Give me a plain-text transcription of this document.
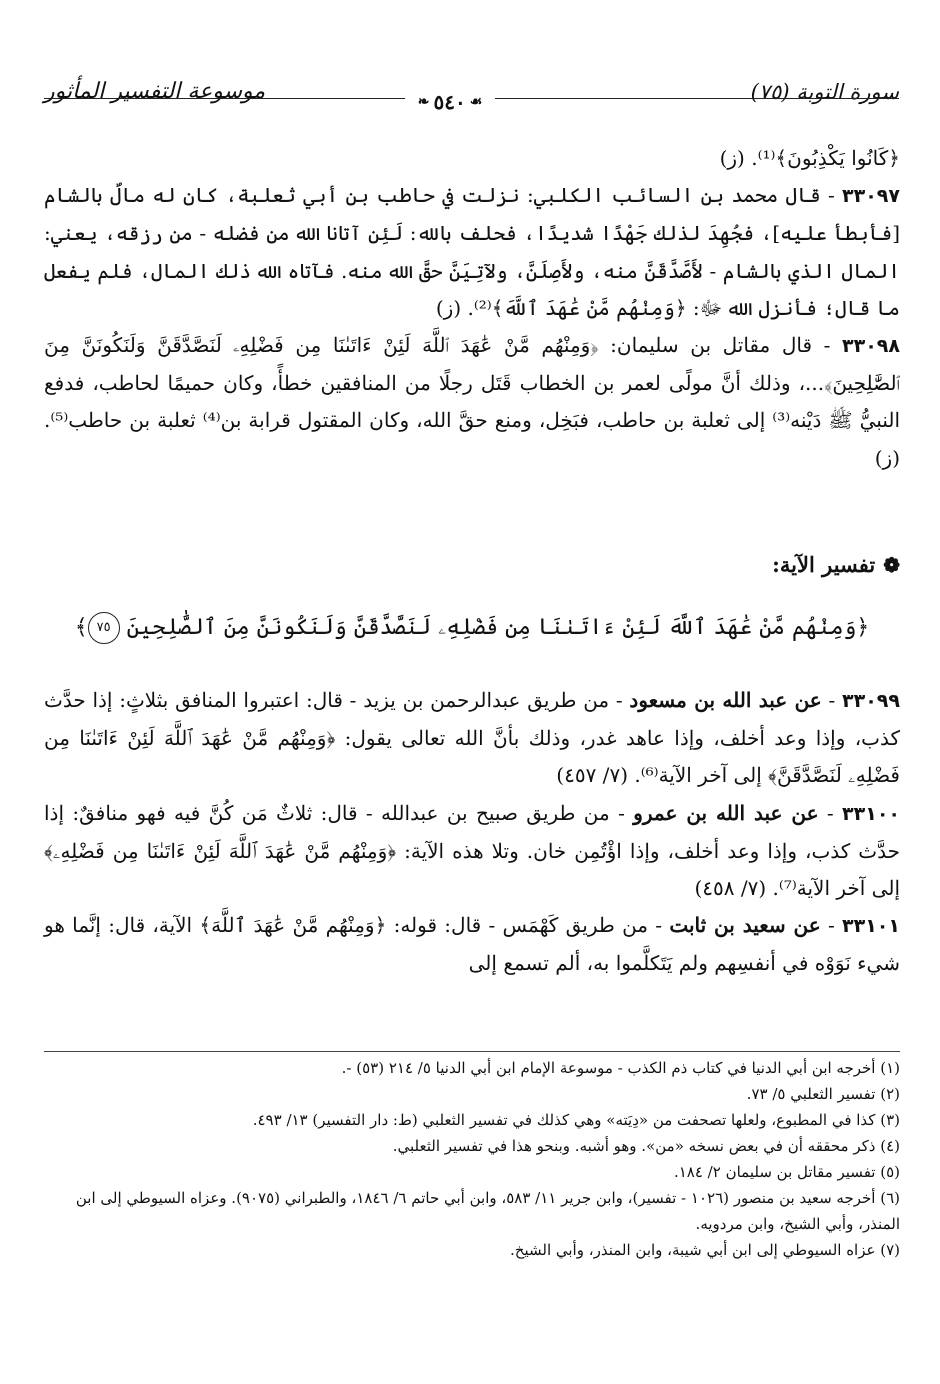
سورة التوبة (٧٥)
موسوعة التفسير المأثور	❧ ٥٤٠ ☙

﴿كَانُوا يَكْذِبُونَ﴾⁽¹⁾. (ز)

٣٣٠٩٧ - قال محمد بن السائب الكلبي: نزلت في حاطب بن أبي ثعلبة، كان له مالٌ بالشام [فأبطأ عليه]، فجُهِدَ لذلك جَهْدًا شديدًا، فحلف بالله: لَئِن آتانا الله من فضله - من رزقه، يعني: المال الذي بالشام - لأَصَّدَّقَنَّ منه، ولأَصِلَنَّ، ولآتِيَنَّ حقَّ الله منه. فآتاه الله ذلك المال، فلم يفعل ما قال؛ فأنزل الله ﷻ: ﴿وَمِنْهُم مَّنْ عَٰهَدَ ٱللَّهَ﴾⁽²⁾. (ز)

٣٣٠٩٨ - قال مقاتل بن سليمان: ﴿وَمِنْهُم مَّنْ عَٰهَدَ ٱللَّهَ لَئِنْ ءَاتَىٰنَا مِن فَضْلِهِۦ لَنَصَّدَّقَنَّ وَلَنَكُونَنَّ مِنَ ٱلصَّٰلِحِينَ﴾...، وذلك أنَّ مولًى لعمر بن الخطاب قَتَل رجلًا من المنافقين خطأً، وكان حميمًا لحاطب، فدفع النبيُّ ﷺ دَيْنه⁽³⁾ إلى ثعلبة بن حاطب، فبَخِل، ومنع حقَّ الله، وكان المقتول قرابة بن⁽⁴⁾ ثعلبة بن حاطب⁽⁵⁾. (ز)

❁
تفسير الآية:
﴿وَمِنْهُم مَّنْ عَٰهَدَ ٱللَّهَ لَئِنْ ءَاتَىٰنَا مِن فَضْلِهِۦ لَنَصَّدَّقَنَّ وَلَنَكُونَنَّ مِنَ ٱلصَّٰلِحِينَ ٧٥﴾

٣٣٠٩٩ - عن عبد الله بن مسعود - من طريق عبدالرحمن بن يزيد - قال: اعتبروا المنافق بثلاثٍ: إذا حدَّث كذب، وإذا وعد أخلف، وإذا عاهد غدر، وذلك بأنَّ الله تعالى يقول: ﴿وَمِنْهُم مَّنْ عَٰهَدَ ٱللَّهَ لَئِنْ ءَاتَىٰنَا مِن فَضْلِهِۦ لَنَصَّدَّقَنَّ﴾ إلى آخر الآية⁽⁶⁾. (٧/ ٤٥٧)

٣٣١٠٠ - عن عبد الله بن عمرو - من طريق صبيح بن عبدالله - قال: ثلاثٌ مَن كُنَّ فيه فهو منافقٌ: إذا حدَّث كذب، وإذا وعد أخلف، وإذا اؤْتُمِن خان. وتلا هذه الآية: ﴿وَمِنْهُم مَّنْ عَٰهَدَ ٱللَّهَ لَئِنْ ءَاتَىٰنَا مِن فَضْلِهِۦ﴾ إلى آخر الآية⁽⁷⁾. (٧/ ٤٥٨)

٣٣١٠١ - عن سعيد بن ثابت - من طريق كَهْمَس - قال: قوله: ﴿وَمِنْهُم مَّنْ عَٰهَدَ ٱللَّهَ﴾ الآية، قال: إنَّما هو شيء نَوَوْه في أنفسِهم ولم يَتَكلَّموا به، ألم تسمع إلى

(١) أخرجه ابن أبي الدنيا في كتاب ذم الكذب - موسوعة الإمام ابن أبي الدنيا ٥/ ٢١٤ (٥٣) -.
(٢) تفسير الثعلبي ٥/ ٧٣.
(٣) كذا في المطبوع، ولعلها تصحفت من «دِيَته» وهي كذلك في تفسير الثعلبي (ط: دار التفسير) ١٣/ ٤٩٣.
(٤) ذكر محققه أن في بعض نسخه «من». وهو أشبه. وبنحو هذا في تفسير الثعلبي.
(٥) تفسير مقاتل بن سليمان ٢/ ١٨٤.
(٦) أخرجه سعيد بن منصور (١٠٢٦ - تفسير)، وابن جرير ١١/ ٥٨٣، وابن أبي حاتم ٦/ ١٨٤٦، والطبراني (٩٠٧٥). وعزاه السيوطي إلى ابن المنذر، وأبي الشيخ، وابن مردويه.
(٧) عزاه السيوطي إلى ابن أبي شيبة، وابن المنذر، وأبي الشيخ.
